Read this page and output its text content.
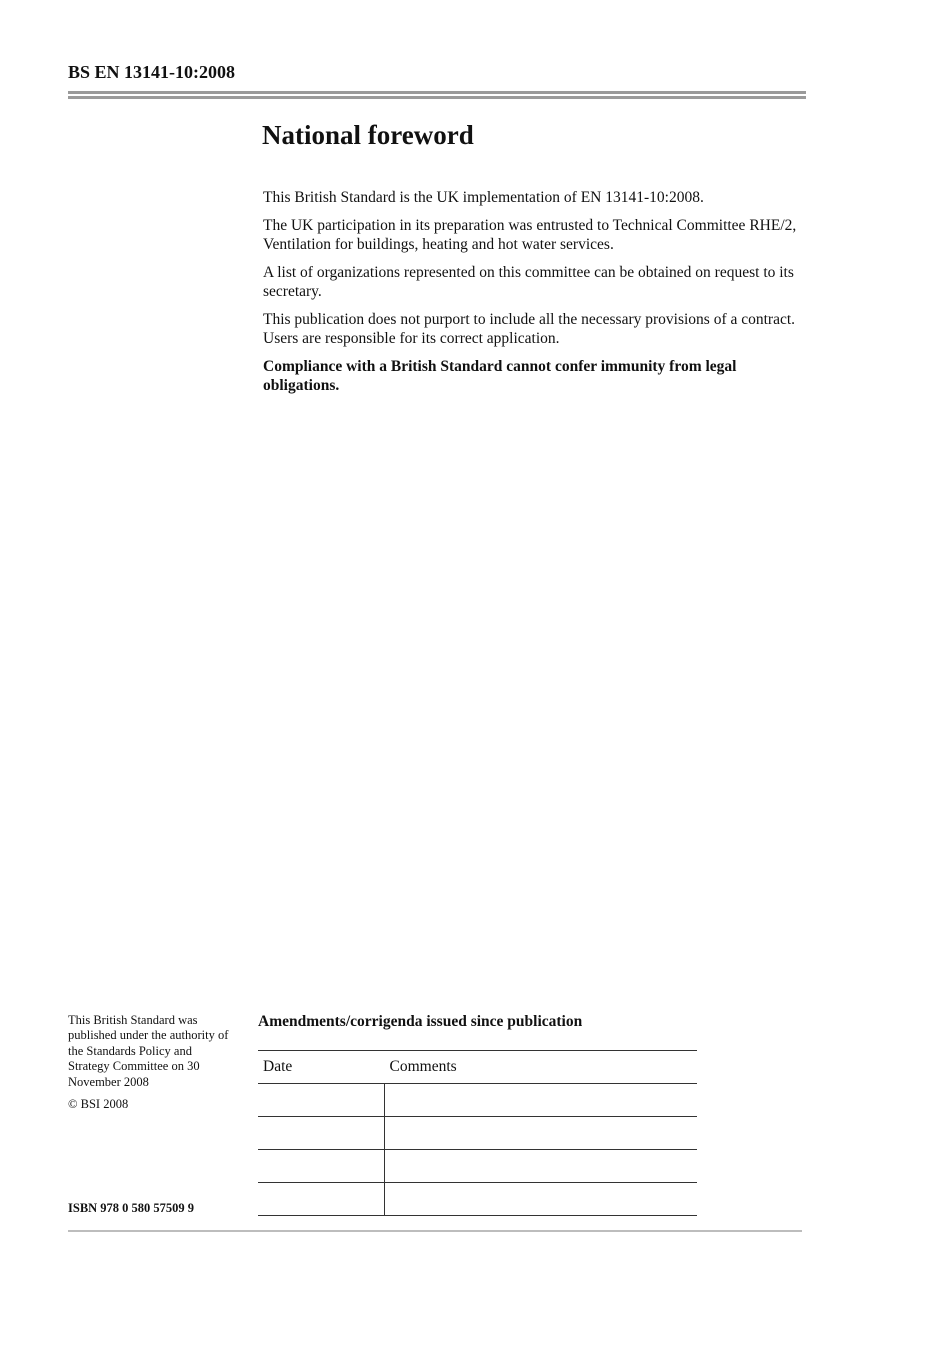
BS EN 13141-10:2008
National foreword

This British Standard is the UK implementation of EN 13141-10:2008.

The UK participation in its preparation was entrusted to Technical Committee RHE/2, Ventilation for buildings, heating and hot water services.

A list of organizations represented on this committee can be obtained on request to its secretary.

This publication does not purport to include all the necessary provisions of a contract. Users are responsible for its correct application.

Compliance with a British Standard cannot confer immunity from legal obligations.

This British Standard was published under the authority of the Standards Policy and Strategy Committee on 30 November 2008

© BSI 2008

ISBN 978 0 580 57509 9
Amendments/corrigenda issued since publication
Date	Comments
